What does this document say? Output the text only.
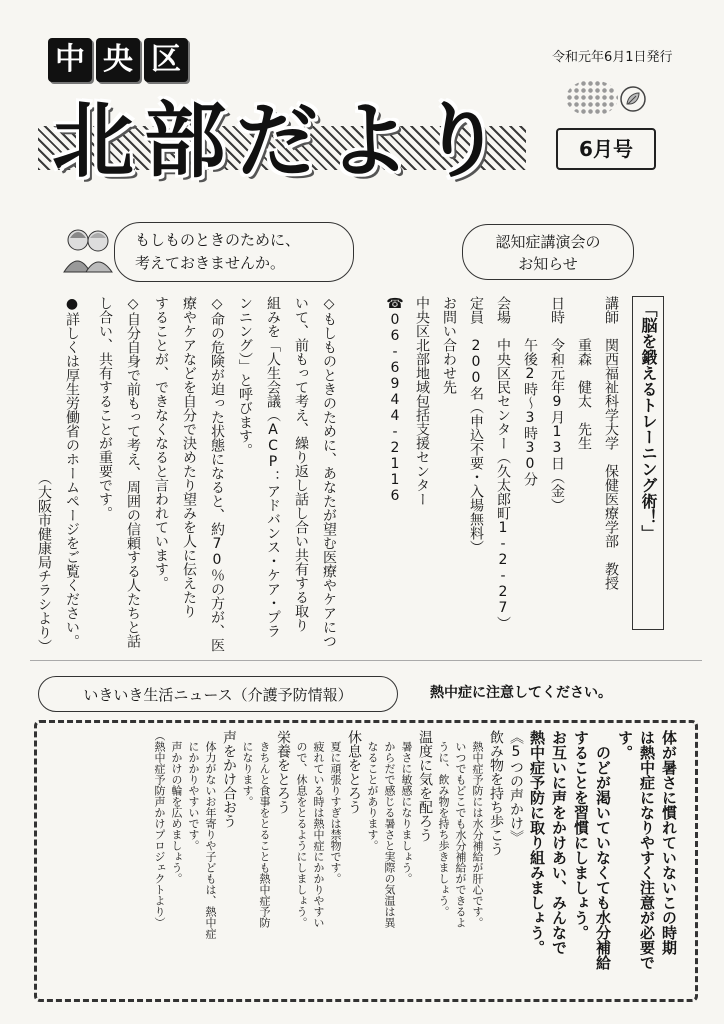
中 央 区
北 部 だ よ り
令和元年6月1日発行
6月号
もしものときのために、
考えておきませんか。
認知症講演会の
お知らせ

「脳を鍛えるトレーニング術！」

講師　関西福祉科学大学　保健医療学部　教授

　　　重森　健太　先生

日時　令和元年9月13日（金）

　　　午後2時～3時30分

会場　中央区民センター（久太郎町1-2-27）

定員　200名（申込不要・入場無料）

お問い合わせ先

中央区北部地域包括支援センター

☎06-6944-2116

◇もしものときのために、あなたが望む医療やケアにつ

いて、前もって考え、繰り返し話し合い共有する取り

組みを「人生会議（ACP：アドバンス・ケア・プラ

ンニング）」と呼びます。

◇命の危険が迫った状態になると、約70％の方が、医

療やケアなどを自分で決めたり望みを人に伝えたり

することが、できなくなると言われています。

◇自分自身で前もって考え、周囲の信頼する人たちと話

し合い、共有することが重要です。

●詳しくは厚生労働省のホームページをご覧ください。

　　　　　　　　　　　　　（大阪市健康局チラシより）

いきいき生活ニュース（介護予防情報）	熱中症に注意してください。

体が暑さに慣れていないこの時期

は熱中症になりやすく注意が必要で

す。

　のどが渇いていなくても水分補給

することを習慣にしましょう。

お互いに声をかけあい、みんなで

熱中症予防に取り組みましょう。

《5つの声かけ》

飲み物を持ち歩こう

　熱中症予防には水分補給が肝心です。

　いつでもどこでも水分補給ができるよ

　うに、飲み物を持ち歩きましょう。

温度に気を配ろう

　暑さに敏感になりましょう。

　からだで感じる暑さと実際の気温は異

　なることがあります。

休息をとろう

　夏に頑張りすぎは禁物です。

　疲れている時は熱中症にかかりやすい

　ので、休息をとるようにしましょう。

栄養をとろう

　きちんと食事をとることも熱中症予防

　になります。

声をかけ合おう

　体力がないお年寄りや子どもは、熱中症

　にかかりやすいです。

　声かけの輪を広めましょう。

（熱中症予防声かけプロジェクトより）
